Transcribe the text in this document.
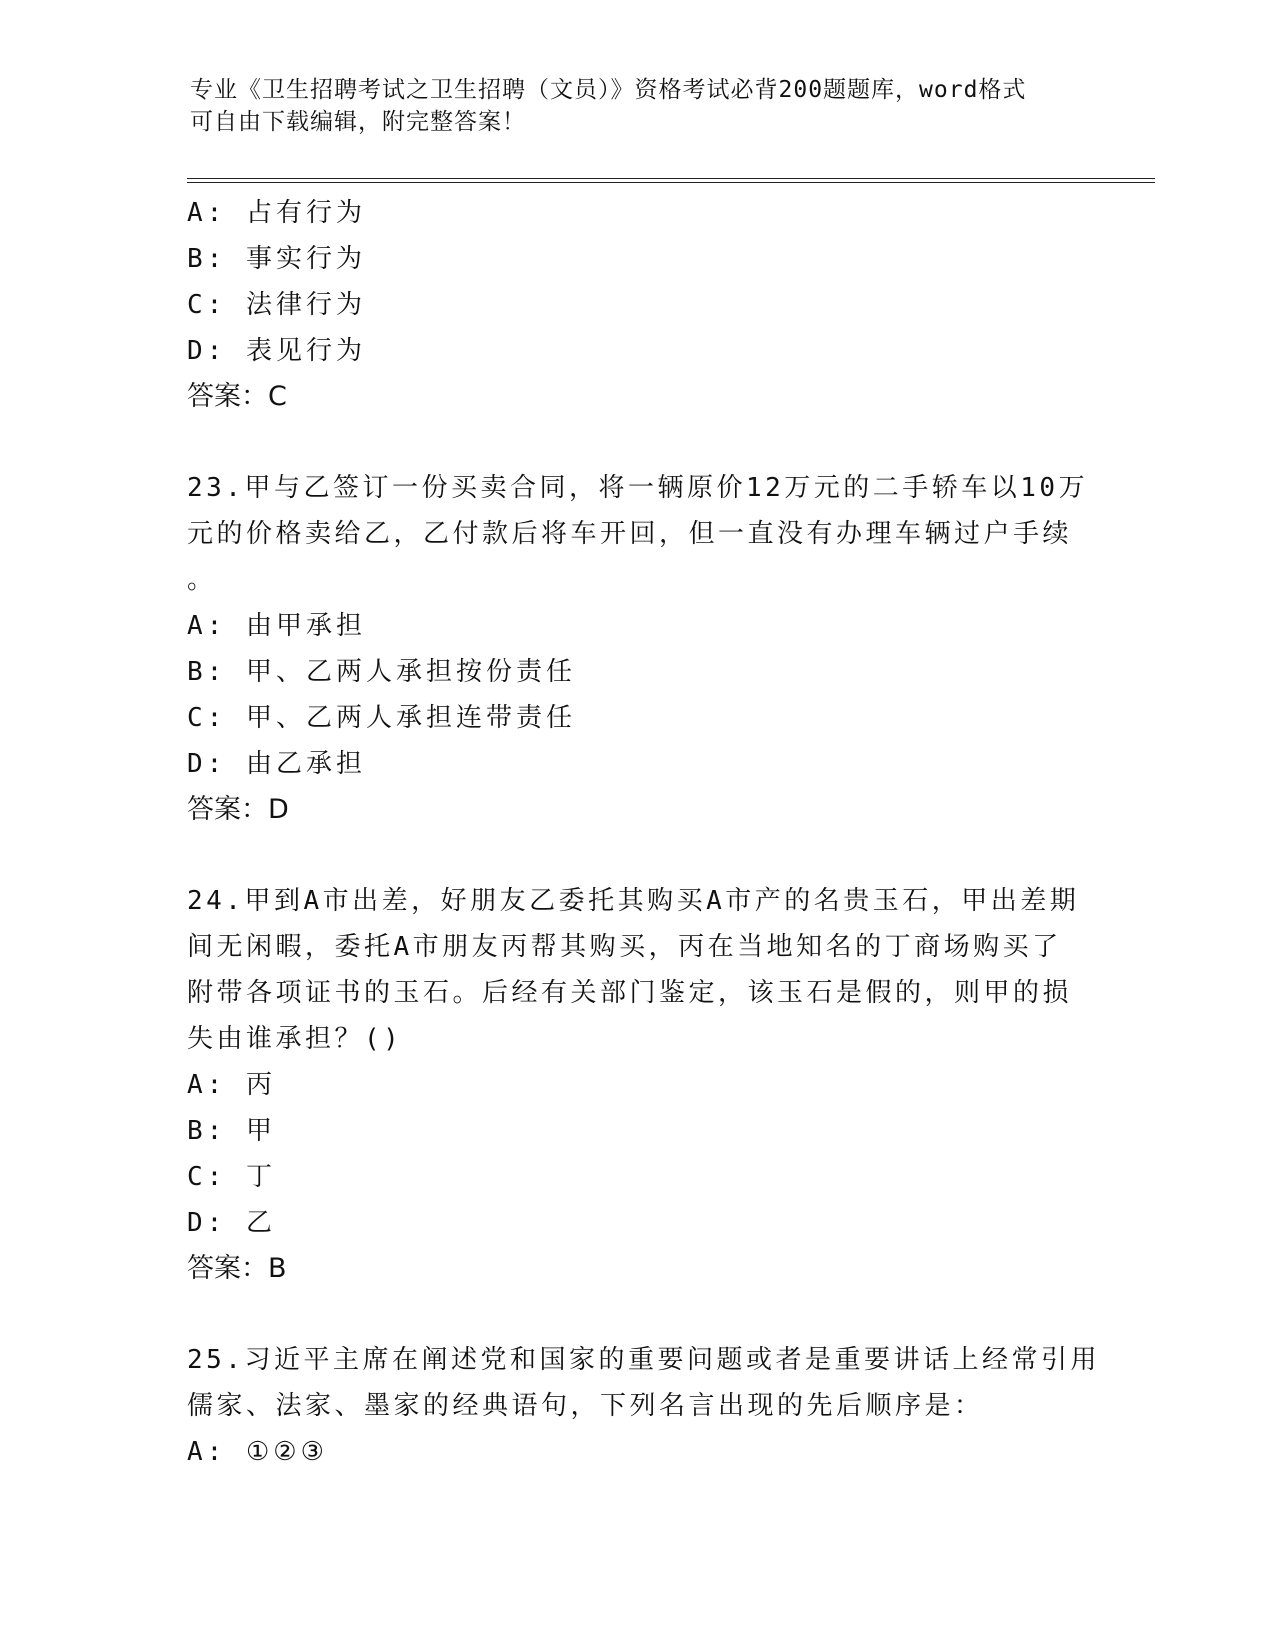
专业《卫生招聘考试之卫生招聘（文员）》资格考试必背200题题库，word格式
可自由下载编辑，附完整答案！
A: 占有行为
B: 事实行为
C: 法律行为
D: 表见行为
答案：C
23.甲与乙签订一份买卖合同，将一辆原价12万元的二手轿车以10万
元的价格卖给乙，乙付款后将车开回，但一直没有办理车辆过户手续
。
A: 由甲承担
B: 甲、乙两人承担按份责任
C: 甲、乙两人承担连带责任
D: 由乙承担
答案：D
24.甲到A市出差，好朋友乙委托其购买A市产的名贵玉石，甲出差期
间无闲暇，委托A市朋友丙帮其购买，丙在当地知名的丁商场购买了
附带各项证书的玉石。后经有关部门鉴定，该玉石是假的，则甲的损
失由谁承担？()
A: 丙
B: 甲
C: 丁
D: 乙
答案：B
25.习近平主席在阐述党和国家的重要问题或者是重要讲话上经常引用
儒家、法家、墨家的经典语句，下列名言出现的先后顺序是：
A: ①②③
